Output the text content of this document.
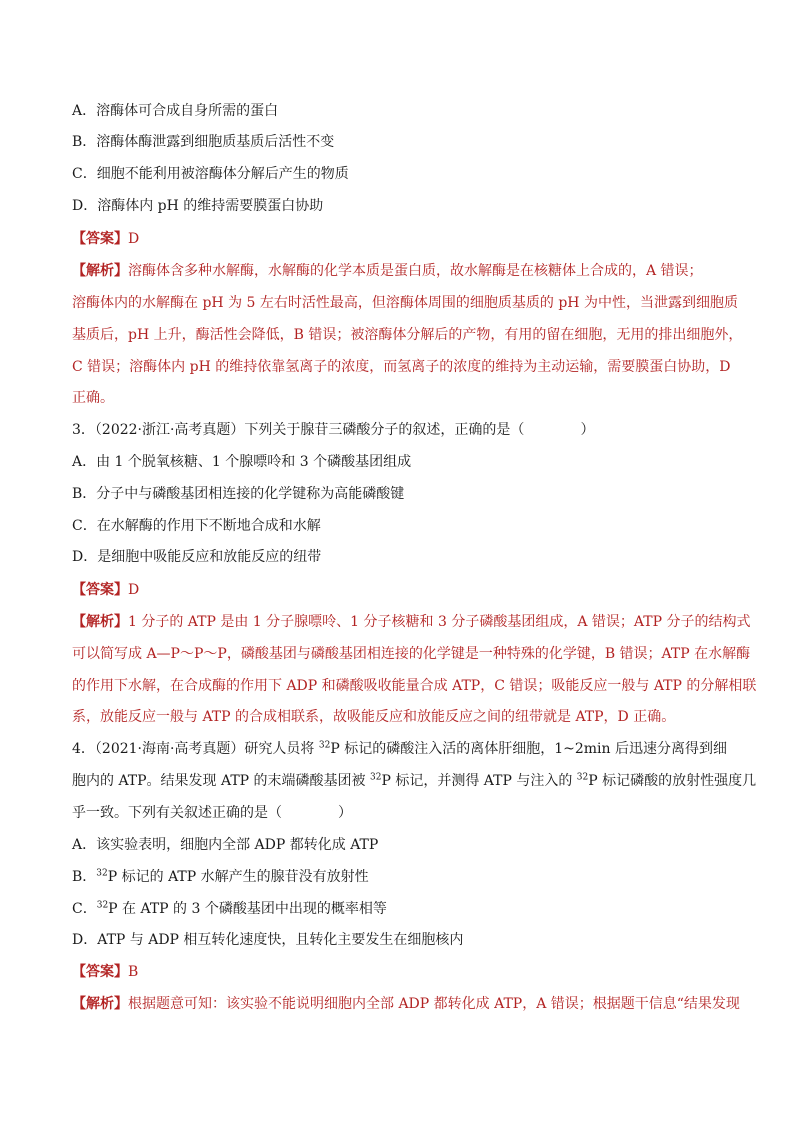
A．溶酶体可合成自身所需的蛋白
B．溶酶体酶泄露到细胞质基质后活性不变
C．细胞不能利用被溶酶体分解后产生的物质
D．溶酶体内 pH 的维持需要膜蛋白协助
【答案】D
【解析】溶酶体含多种水解酶，水解酶的化学本质是蛋白质，故水解酶是在核糖体上合成的，A 错误；
溶酶体内的水解酶在 pH 为 5 左右时活性最高，但溶酶体周围的细胞质基质的 pH 为中性，当泄露到细胞质
基质后，pH 上升，酶活性会降低，B 错误；被溶酶体分解后的产物，有用的留在细胞，无用的排出细胞外，
C 错误；溶酶体内 pH 的维持依靠氢离子的浓度，而氢离子的浓度的维持为主动运输，需要膜蛋白协助，D
正确。
3．（2022·浙江·高考真题）下列关于腺苷三磷酸分子的叙述，正确的是（	）
A．由 1 个脱氧核糖、1 个腺嘌呤和 3 个磷酸基团组成
B．分子中与磷酸基团相连接的化学键称为高能磷酸键
C．在水解酶的作用下不断地合成和水解
D．是细胞中吸能反应和放能反应的纽带
【答案】D
【解析】1 分子的 ATP 是由 1 分子腺嘌呤、1 分子核糖和 3 分子磷酸基团组成，A 错误；ATP 分子的结构式
可以简写成 A—P～P～P，磷酸基团与磷酸基团相连接的化学键是一种特殊的化学键，B 错误；ATP 在水解酶
的作用下水解，在合成酶的作用下 ADP 和磷酸吸收能量合成 ATP，C 错误；吸能反应一般与 ATP 的分解相联
系，放能反应一般与 ATP 的合成相联系，故吸能反应和放能反应之间的纽带就是 ATP，D 正确。
4．（2021·海南·高考真题）研究人员将 $^{32}$P 标记的磷酸注入活的离体肝细胞，1~2min 后迅速分离得到细
胞内的 ATP。结果发现 ATP 的末端磷酸基团被 $^{32}$P 标记，并测得 ATP 与注入的 $^{32}$P 标记磷酸的放射性强度几
乎一致。下列有关叙述正确的是（	）
A．该实验表明，细胞内全部 ADP 都转化成 ATP
B．$^{32}$P 标记的 ATP 水解产生的腺苷没有放射性
C．$^{32}$P 在 ATP 的 3 个磷酸基团中出现的概率相等
D．ATP 与 ADP 相互转化速度快，且转化主要发生在细胞核内
【答案】B
【解析】根据题意可知：该实验不能说明细胞内全部 ADP 都转化成 ATP，A 错误；根据题干信息“结果发现
